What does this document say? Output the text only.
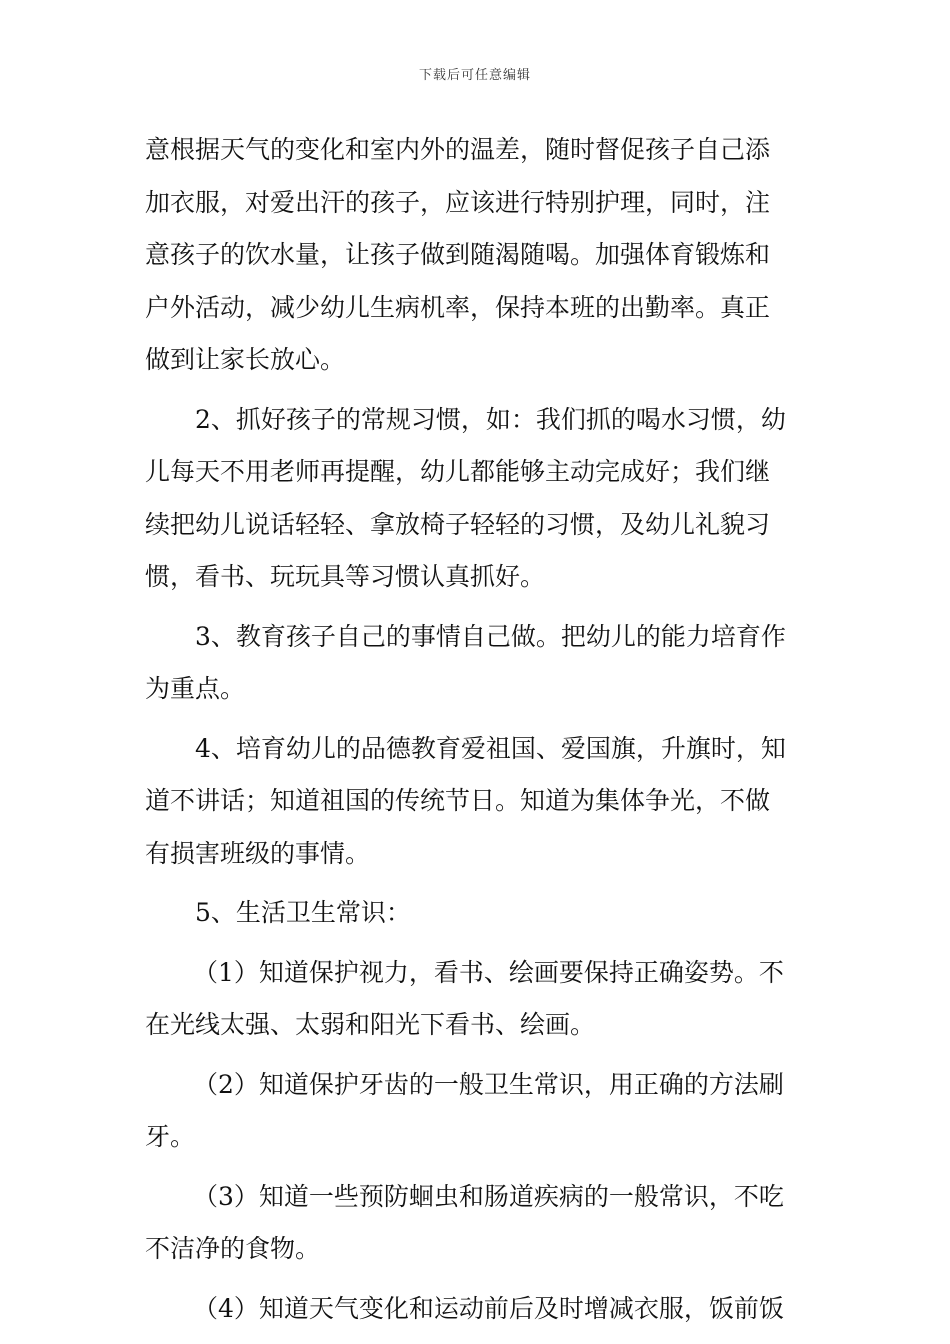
下载后可任意编辑
意根据天气的变化和室内外的温差，随时督促孩子自己添
加衣服，对爱出汗的孩子，应该进行特别护理，同时，注
意孩子的饮水量，让孩子做到随渴随喝。加强体育锻炼和
户外活动，减少幼儿生病机率，保持本班的出勤率。真正
做到让家长放心。
2、抓好孩子的常规习惯，如：我们抓的喝水习惯，幼
儿每天不用老师再提醒，幼儿都能够主动完成好；我们继
续把幼儿说话轻轻、拿放椅子轻轻的习惯，及幼儿礼貌习
惯，看书、玩玩具等习惯认真抓好。
3、教育孩子自己的事情自己做。把幼儿的能力培育作
为重点。
4、培育幼儿的品德教育爱祖国、爱国旗，升旗时，知
道不讲话；知道祖国的传统节日。知道为集体争光，不做
有损害班级的事情。
5、生活卫生常识：
（1）知道保护视力，看书、绘画要保持正确姿势。不
在光线太强、太弱和阳光下看书、绘画。
（2）知道保护牙齿的一般卫生常识，用正确的方法刷
牙。
（3）知道一些预防蛔虫和肠道疾病的一般常识，不吃
不洁净的食物。
（4）知道天气变化和运动前后及时增减衣服，饭前饭
